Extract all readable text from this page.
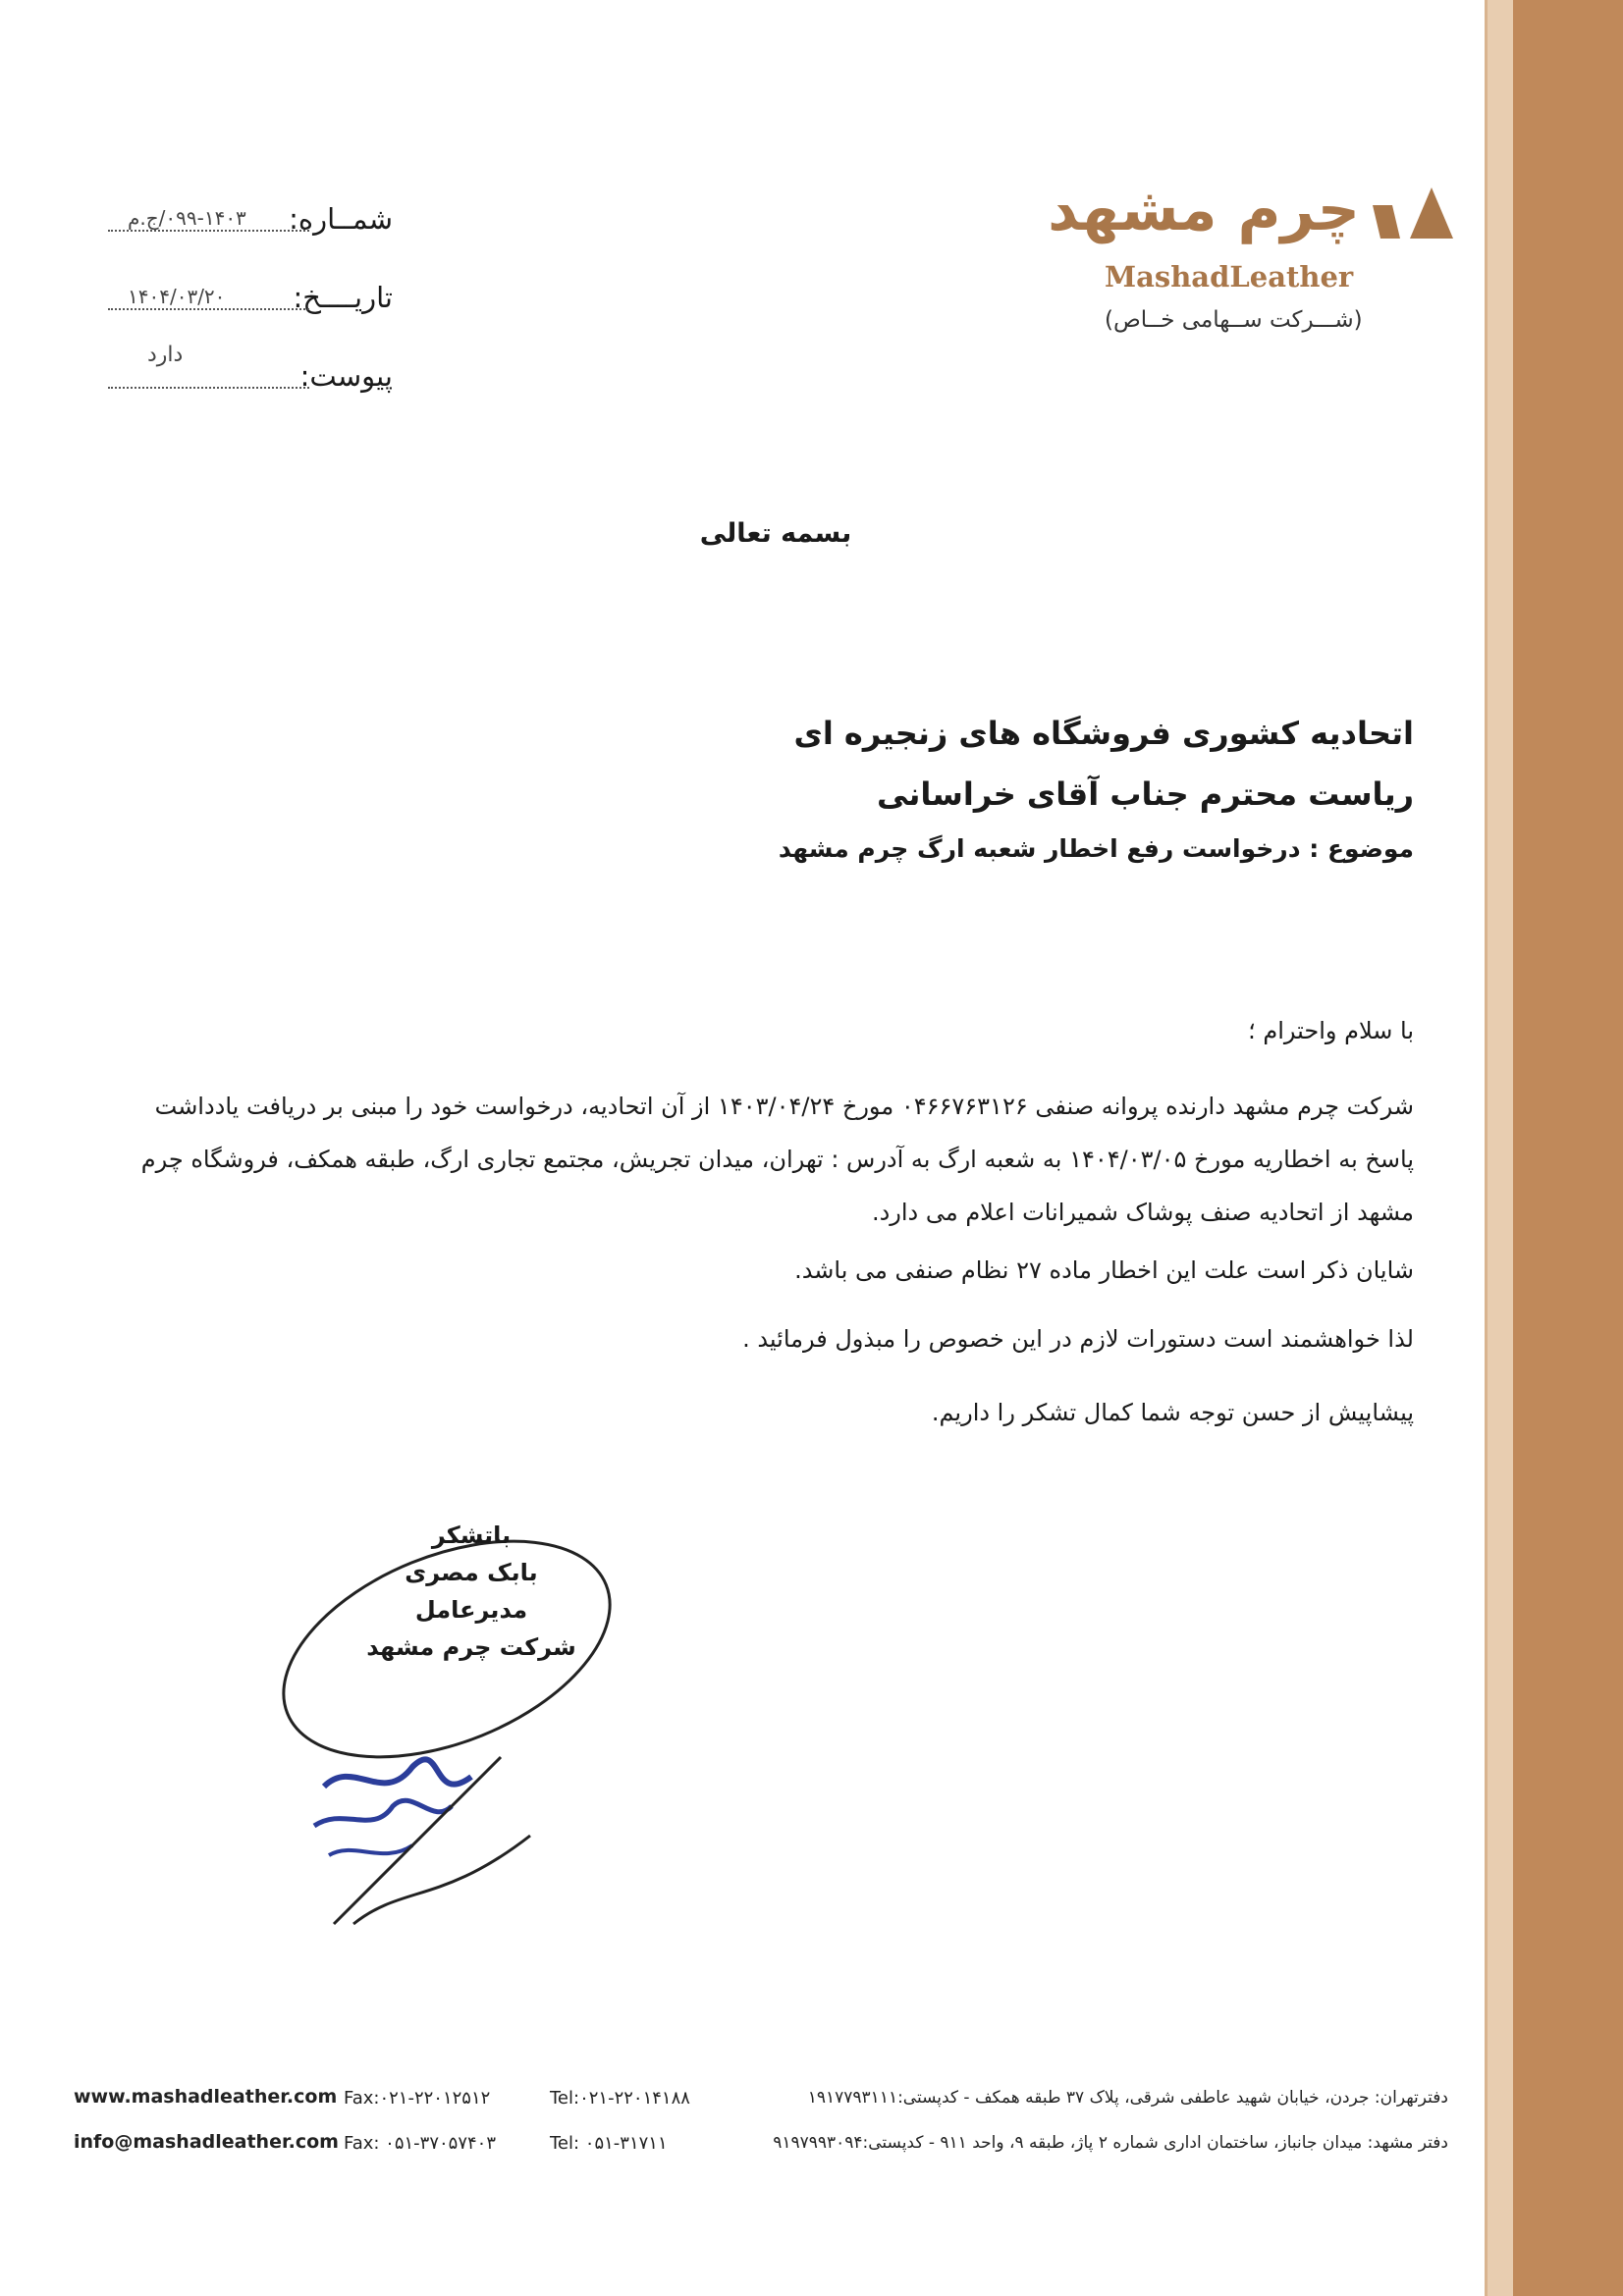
چرم مشهد
MashadLeather
(شـــرکت ســهامی خــاص)
شمــاره:
۰۹۹-۱۴۰۳/ج.م
تاریــــخ:
۱۴۰۴/۰۳/۲۰
پیوست:
دارد
بسمه تعالی
اتحادیه کشوری فروشگاه های زنجیره ای
ریاست محترم جناب آقای خراسانی
موضوع : درخواست رفع اخطار شعبه ارگ چرم مشهد
با سلام واحترام ؛
شرکت چرم مشهد دارنده پروانه صنفی ۰۴۶۶۷۶۳۱۲۶ مورخ ۱۴۰۳/۰۴/۲۴ از آن اتحادیه، درخواست خود را مبنی بر دریافت یادداشت پاسخ به اخطاریه مورخ ۱۴۰۴/۰۳/۰۵ به شعبه ارگ به آدرس : تهران، میدان تجریش، مجتمع تجاری ارگ، طبقه همکف، فروشگاه چرم مشهد از اتحادیه صنف پوشاک شمیرانات اعلام می دارد.
شایان ذکر است علت این اخطار ماده ۲۷ نظام صنفی می باشد.
لذا خواهشمند است دستورات لازم در این خصوص را مبذول فرمائید .
پیشاپیش از حسن توجه شما کمال تشکر را داریم.
باتشکر
بابک مصری
مدیرعامل
شرکت چرم مشهد
www.mashadleather.com Fax:۰۲۱-۲۲۰۱۲۵۱۲	Tel:۰۲۱-۲۲۰۱۴۱۸۸	دفترتهران: جردن، خیابان شهید عاطفی شرقی، پلاک ۳۷ طبقه همکف - کدپستی:۱۹۱۷۷۹۳۱۱۱
info@mashadleather.com Fax: ۰۵۱-۳۷۰۵۷۴۰۳	Tel: ۰۵۱-۳۱۷۱۱	دفتر مشهد: میدان جانباز، ساختمان اداری شماره ۲ پاژ، طبقه ۹، واحد ۹۱۱ - کدپستی:۹۱۹۷۹۹۳۰۹۴
